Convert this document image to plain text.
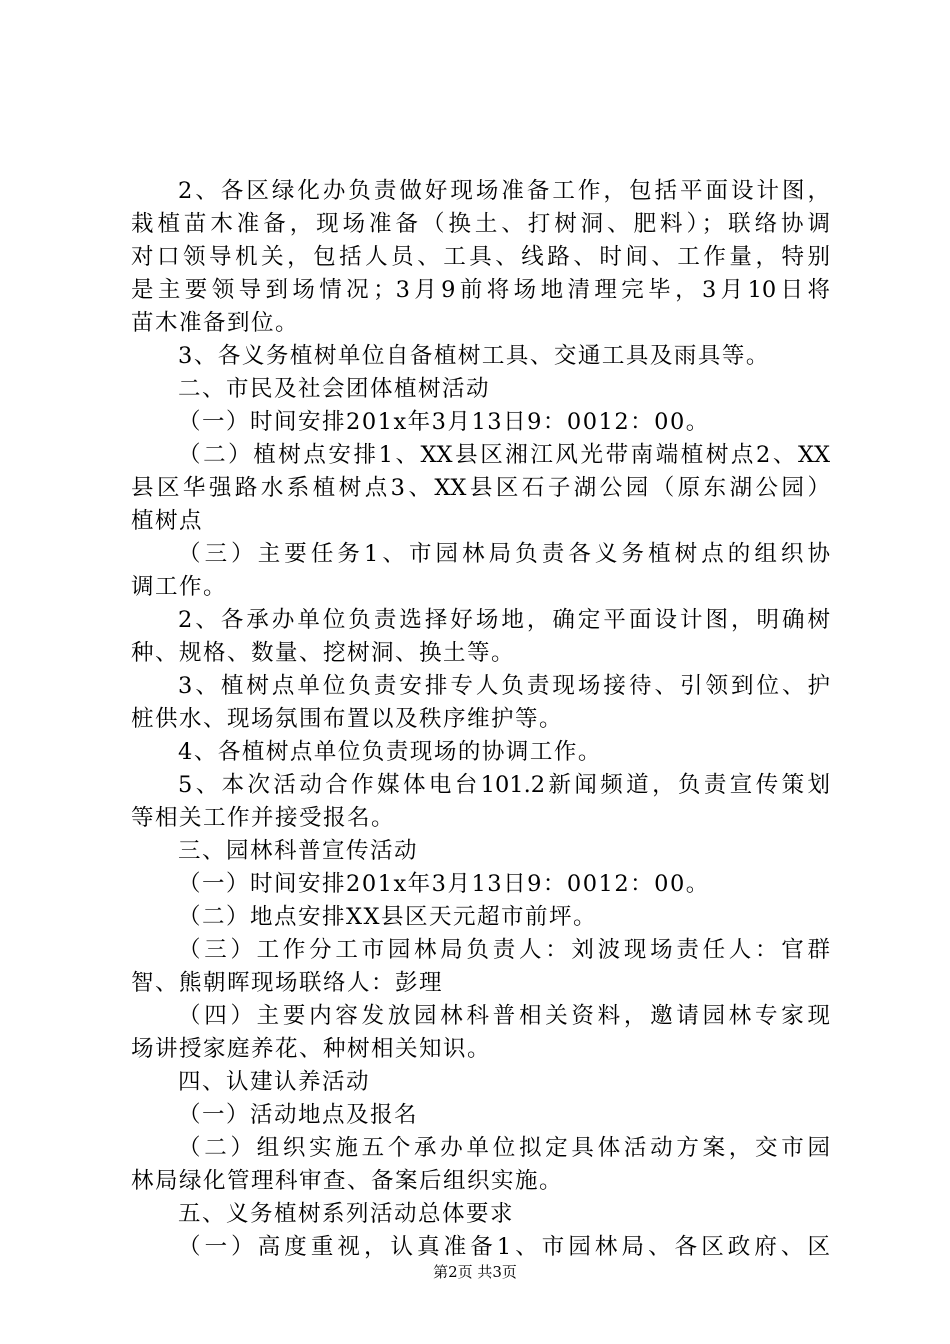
2、各区绿化办负责做好现场准备工作，包括平面设计图，
栽植苗木准备，现场准备（换土、打树洞、肥料）；联络协调
对口领导机关，包括人员、工具、线路、时间、工作量，特别
是主要领导到场情况；3月9前将场地清理完毕，3月10日将
苗木准备到位。
3、各义务植树单位自备植树工具、交通工具及雨具等。
二、市民及社会团体植树活动
（一）时间安排201x年3月13日9：0012：00。
（二）植树点安排1、XX县区湘江风光带南端植树点2、XX
县区华强路水系植树点3、XX县区石子湖公园（原东湖公园）
植树点
（三）主要任务1、市园林局负责各义务植树点的组织协
调工作。
2、各承办单位负责选择好场地，确定平面设计图，明确树
种、规格、数量、挖树洞、换土等。
3、植树点单位负责安排专人负责现场接待、引领到位、护
桩供水、现场氛围布置以及秩序维护等。
4、各植树点单位负责现场的协调工作。
5、本次活动合作媒体电台101.2新闻频道，负责宣传策划
等相关工作并接受报名。
三、园林科普宣传活动
（一）时间安排201x年3月13日9：0012：00。
（二）地点安排XX县区天元超市前坪。
（三）工作分工市园林局负责人：刘波现场责任人：官群
智、熊朝晖现场联络人：彭理
（四）主要内容发放园林科普相关资料，邀请园林专家现
场讲授家庭养花、种树相关知识。
四、认建认养活动
（一）活动地点及报名
（二）组织实施五个承办单位拟定具体活动方案，交市园
林局绿化管理科审查、备案后组织实施。
五、义务植树系列活动总体要求
（一）高度重视，认真准备1、市园林局、各区政府、区
第2页 共3页
